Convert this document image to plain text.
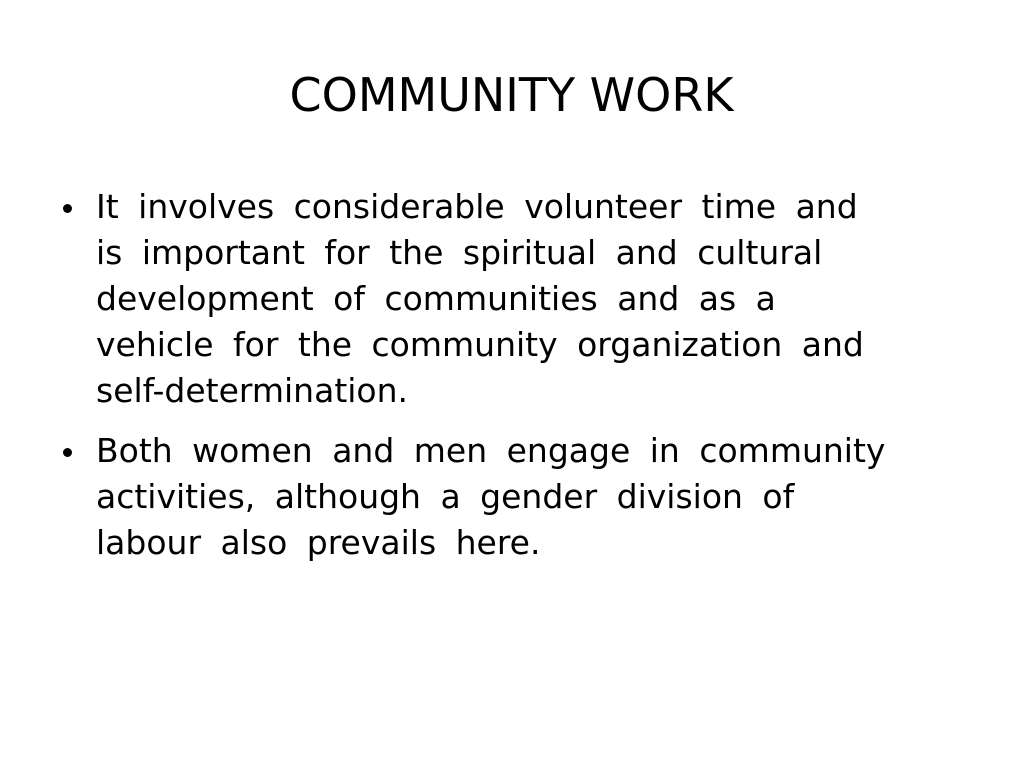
COMMUNITY WORK
It involves considerable volunteer time and
is important for the spiritual and cultural
development of communities and as a
vehicle for the community organization and
self-determination.
Both women and men engage in community
activities, although a gender division of
labour also prevails here.
